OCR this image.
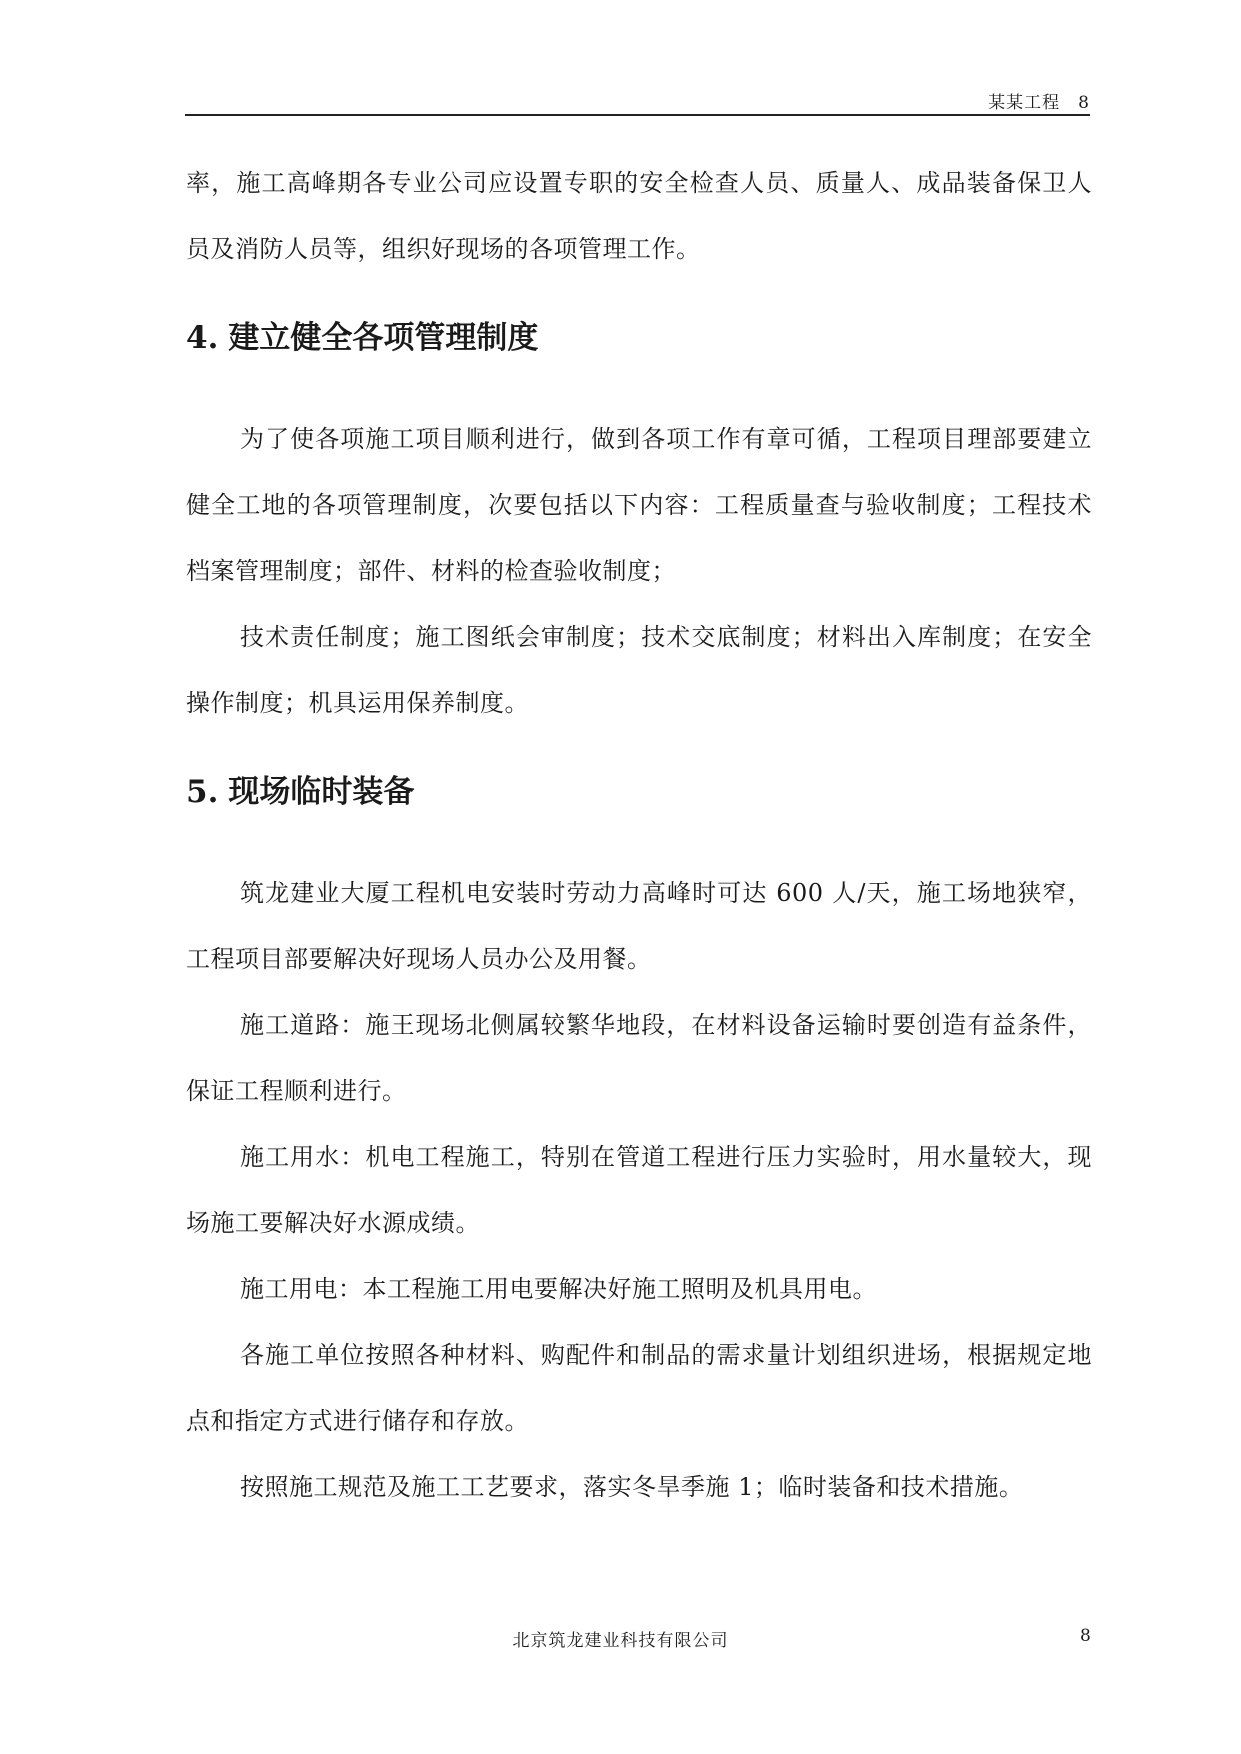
某某工程 8

率，施工高峰期各专业公司应设置专职的安全检查人员、质量人、成品装备保卫人员及消防人员等，组织好现场的各项管理工作。

4. 建立健全各项管理制度

为了使各项施工项目顺利进行，做到各项工作有章可循，工程项目理部要建立健全工地的各项管理制度，次要包括以下内容：工程质量查与验收制度；工程技术档案管理制度；部件、材料的检查验收制度；

技术责任制度；施工图纸会审制度；技术交底制度；材料出入库制度；在安全操作制度；机具运用保养制度。

5. 现场临时装备

筑龙建业大厦工程机电安装时劳动力高峰时可达 600 人/天，施工场地狭窄，工程项目部要解决好现场人员办公及用餐。

施工道路：施王现场北侧属较繁华地段，在材料设备运输时要创造有益条件，保证工程顺利进行。

施工用水：机电工程施工，特别在管道工程进行压力实验时，用水量较大，现场施工要解决好水源成绩。

施工用电：本工程施工用电要解决好施工照明及机具用电。

各施工单位按照各种材料、购配件和制品的需求量计划组织进场，根据规定地点和指定方式进行储存和存放。

按照施工规范及施工工艺要求，落实冬旱季施 1；临时装备和技术措施。

北京筑龙建业科技有限公司	8
